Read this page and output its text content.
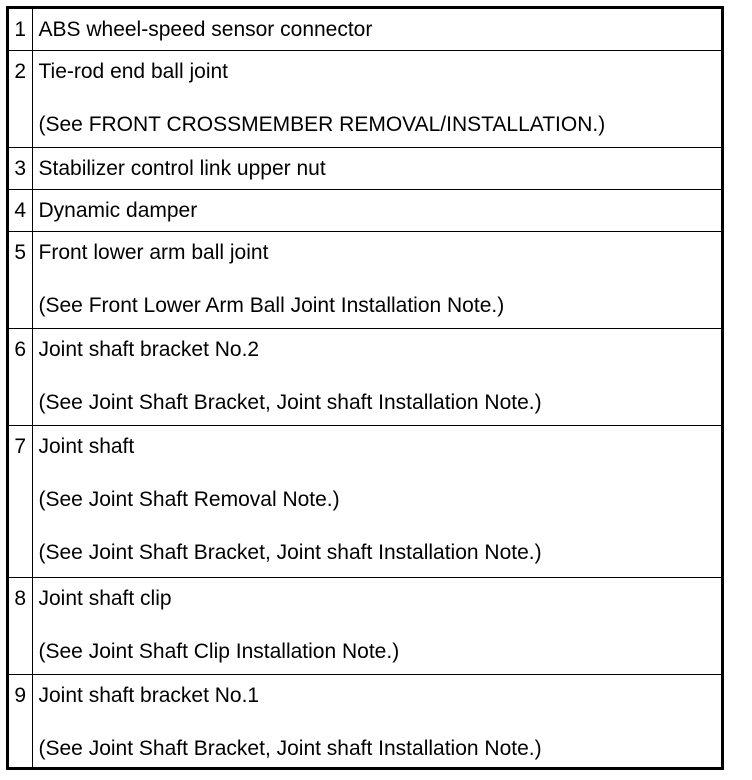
1	ABS wheel-speed sensor connector

2	Tie-rod end ball joint
(See FRONT CROSSMEMBER REMOVAL/INSTALLATION.)

3	Stabilizer control link upper nut

4	Dynamic damper

5	Front lower arm ball joint
(See Front Lower Arm Ball Joint Installation Note.)

6	Joint shaft bracket No.2
(See Joint Shaft Bracket, Joint shaft Installation Note.)

7	Joint shaft
(See Joint Shaft Removal Note.)
(See Joint Shaft Bracket, Joint shaft Installation Note.)

8	Joint shaft clip
(See Joint Shaft Clip Installation Note.)

9	Joint shaft bracket No.1
(See Joint Shaft Bracket, Joint shaft Installation Note.)
